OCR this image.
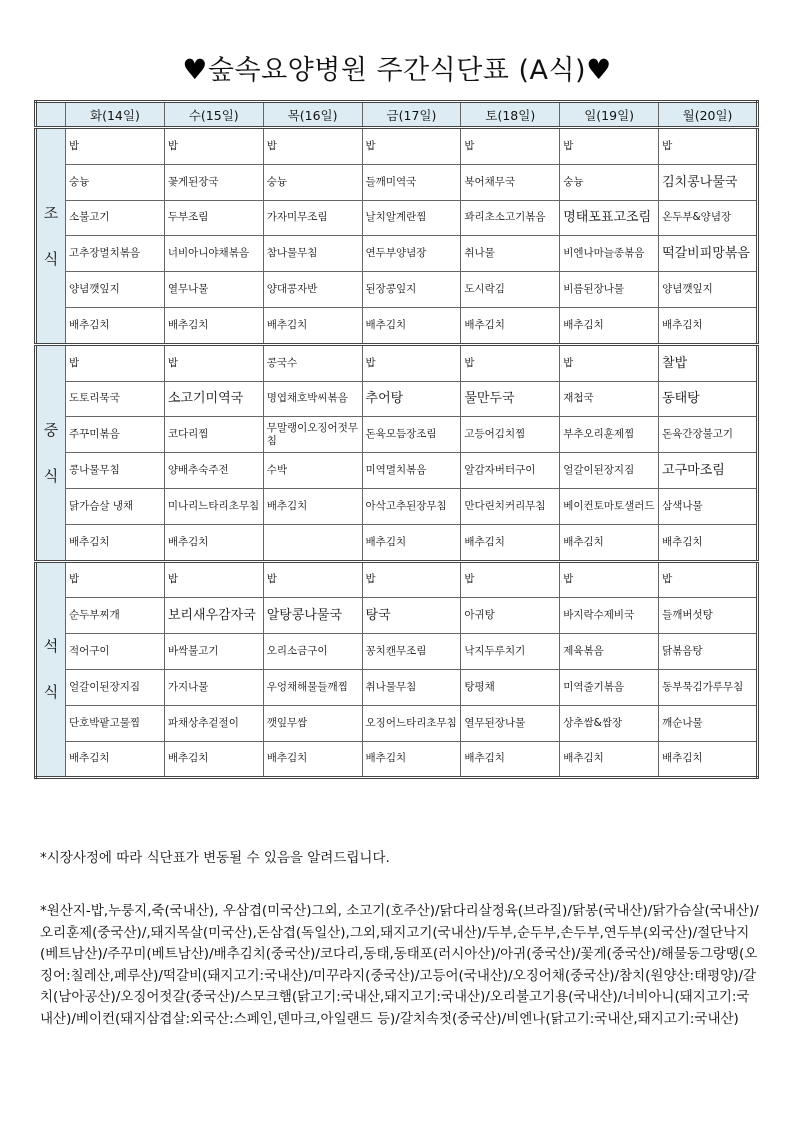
♥숲속요양병원 주간식단표 (A식)♥
	화(14일)	수(15일)	목(16일)	금(17일)	토(18일)	일(19일)	월(20일)

조
식	밥	밥	밥	밥	밥	밥	밥
	숭늉	꽃게된장국	숭늉	들깨미역국	북어채무국	숭늉	김치콩나물국
	소불고기	두부조림	가자미무조림	날치알계란찜	꽈리초소고기볶음	명태포표고조림	온두부&양념장
	고추장멸치볶음	너비아니야채볶음	참나물무침	연두부양념장	취나물	비엔나마늘종볶음	떡갈비피망볶음
	양념깻잎지	열무나물	양대콩자반	된장콩잎지	도시락김	비름된장나물	양념깻잎지
	배추김치	배추김치	배추김치	배추김치	배추김치	배추김치	배추김치

중
식	밥	밥	콩국수	밥	밥	밥	찰밥
	도토리묵국	소고기미역국	명엽채호박씨볶음	추어탕	물만두국	재첩국	동태탕
	주꾸미볶음	코다리찜	무말랭이오징어젓무침	돈육모듬장조림	고등어김치찜	부추오리훈제찜	돈육간장불고기
	콩나물무침	양배추숙주전	수박	미역멸치볶음	알감자버터구이	얼갈이된장지짐	고구마조림
	닭가슴살 냉채	미나리느타리초무침	배추김치	아삭고추된장무침	만다린치커리무침	베이컨토마토샐러드	삼색나물
	배추김치	배추김치		배추김치	배추김치	배추김치	배추김치

석
식	밥	밥	밥	밥	밥	밥	밥
	순두부찌개	보리새우감자국	알탕콩나물국	탕국	아귀탕	바지락수제비국	들깨버섯탕
	적어구이	바싹불고기	오리소금구이	꽁치캔무조림	낙지두루치기	제육볶음	닭볶음탕
	얼갈이된장지짐	가지나물	우엉채해물들깨찜	취나물무침	탕평채	미역줄기볶음	동부묵김가루무침
	단호박팥고물찜	파채상추겉절이	깻잎무쌈	오징어느타리초무침	열무된장나물	상추쌈&쌈장	깨순나물
	배추김치	배추김치	배추김치	배추김치	배추김치	배추김치	배추김치
*시장사정에 따라 식단표가 변동될 수 있음을 알려드립니다.
*원산지-밥,누룽지,죽(국내산), 우삼겹(미국산)그외, 소고기(호주산)/닭다리살정육(브라질)/닭봉(국내산)/닭가슴살(국내산)/오리훈제(중국산)/,돼지목살(미국산),돈삼겹(독일산),그외,돼지고기(국내산)/두부,순두부,손두부,연두부(외국산)/절단낙지(베트남산)/주꾸미(베트남산)/배추김치(중국산)/코다리,동태,동태포(러시아산)/아귀(중국산)/꽃게(중국산)/해물동그랑땡(오징어:칠레산,페루산)/떡갈비(돼지고기:국내산)/미꾸라지(중국산)/고등어(국내산)/오징어채(중국산)/참치(원양산:태평양)/갈치(남아공산)/오징어젓갈(중국산)/스모크햄(닭고기:국내산,돼지고기:국내산)/오리불고기용(국내산)/너비아니(돼지고기:국내산)/베이컨(돼지삼겹살:외국산:스페인,덴마크,아일랜드 등)/갈치속젓(중국산)/비엔나(닭고기:국내산,돼지고기:국내산)
